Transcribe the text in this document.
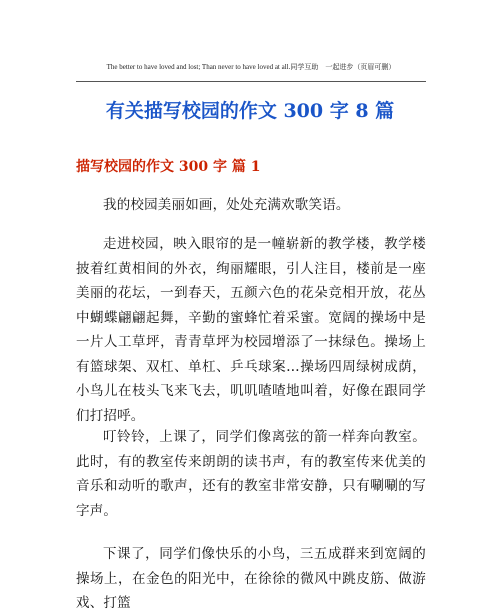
The better to have loved and lost; Than never to have loved at all.同学互助　一起进步（页眉可删）
有关描写校园的作文 300 字 8 篇
描写校园的作文 300 字 篇 1

我的校园美丽如画，处处充满欢歌笑语。

走进校园，映入眼帘的是一幢崭新的教学楼，教学楼披着红黄相间的外衣，绚丽耀眼，引人注目，楼前是一座美丽的花坛，一到春天，五颜六色的花朵竞相开放，花丛中蝴蝶翩翩起舞，辛勤的蜜蜂忙着采蜜。宽阔的操场中是一片人工草坪，青青草坪为校园增添了一抹绿色。操场上有篮球架、双杠、单杠、乒乓球案…操场四周绿树成荫，小鸟儿在枝头飞来飞去，叽叽喳喳地叫着，好像在跟同学们打招呼。

叮铃铃，上课了，同学们像离弦的箭一样奔向教室。此时，有的教室传来朗朗的读书声，有的教室传来优美的音乐和动听的歌声，还有的教室非常安静，只有唰唰的写字声。

下课了，同学们像快乐的小鸟，三五成群来到宽阔的操场上，在金色的阳光中，在徐徐的微风中跳皮筋、做游戏、打篮
